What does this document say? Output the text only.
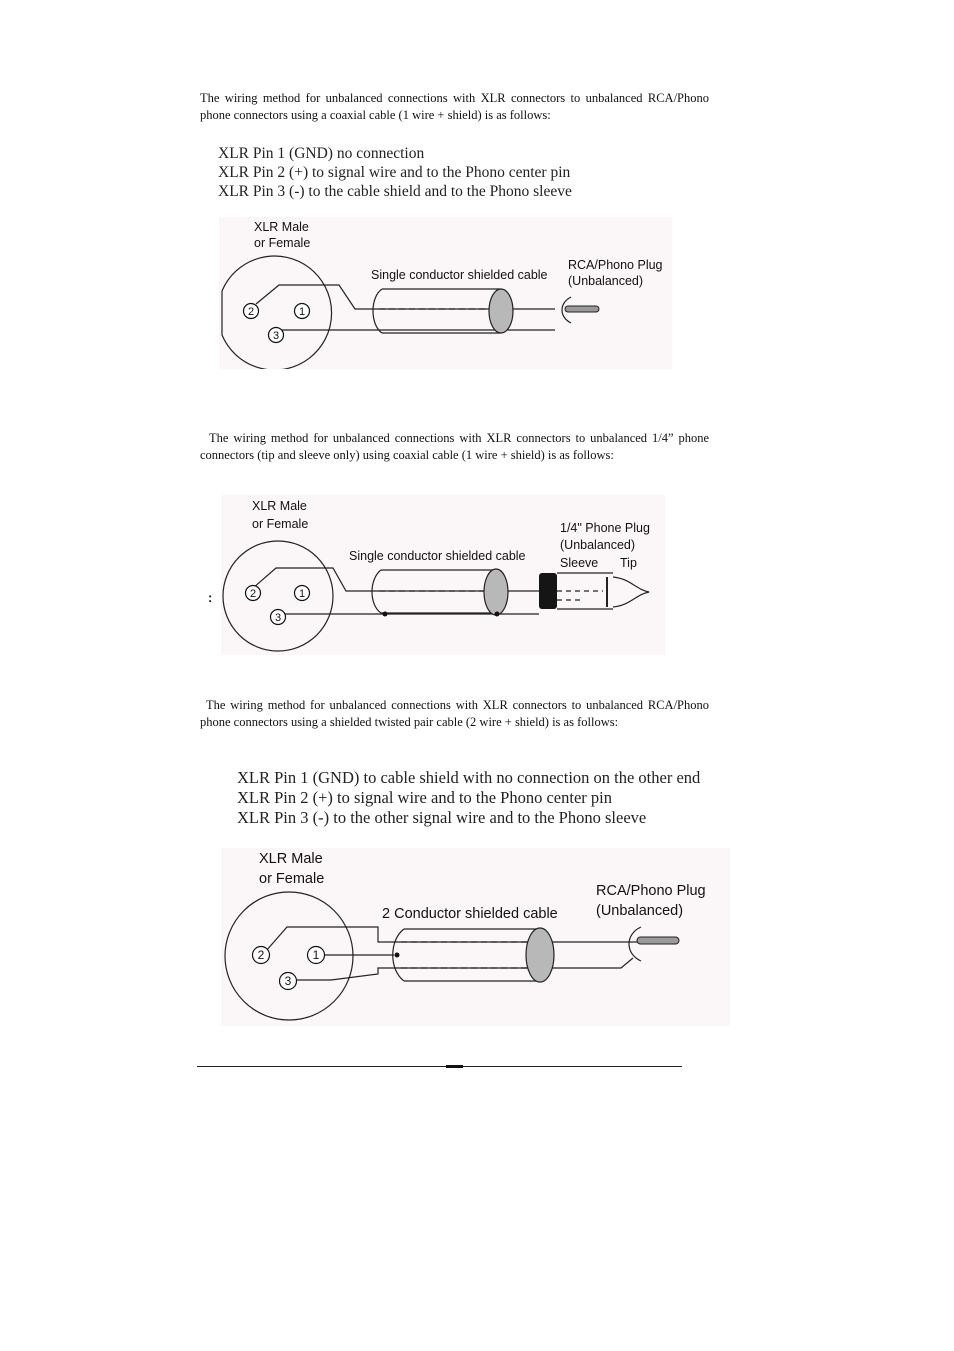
The wiring method for unbalanced connections with XLR connectors to unbalanced RCA/Phono phone connectors using a coaxial cable (1 wire + shield) is as follows:

XLR Pin 1 (GND) no connection
XLR Pin 2 (+) to signal wire and to the Phono center pin
XLR Pin 3 (-) to the cable shield and to the Phono sleeve
2	1
3
XLR Male
or Female
Single conductor shielded cable
RCA/Phono Plug
(Unbalanced)

The wiring method for unbalanced connections with XLR connectors to unbalanced 1/4” phone connectors (tip and sleeve only) using coaxial cable (1 wire + shield) is as follows:

:	2	1
3
XLR Male
or Female
Single conductor shielded cable
1/4" Phone Plug
(Unbalanced)
Sleeve Tip

The wiring method for unbalanced connections with XLR connectors to unbalanced RCA/Phono phone connectors using a shielded twisted pair cable (2 wire + shield) is as follows:

XLR Pin 1 (GND) to cable shield with no connection on the other end
XLR Pin 2 (+) to signal wire and to the Phono center pin
XLR Pin 3 (-) to the other signal wire and to the Phono sleeve
2	1
3
XLR Male
or Female
2 Conductor shielded cable
RCA/Phono Plug
(Unbalanced)
